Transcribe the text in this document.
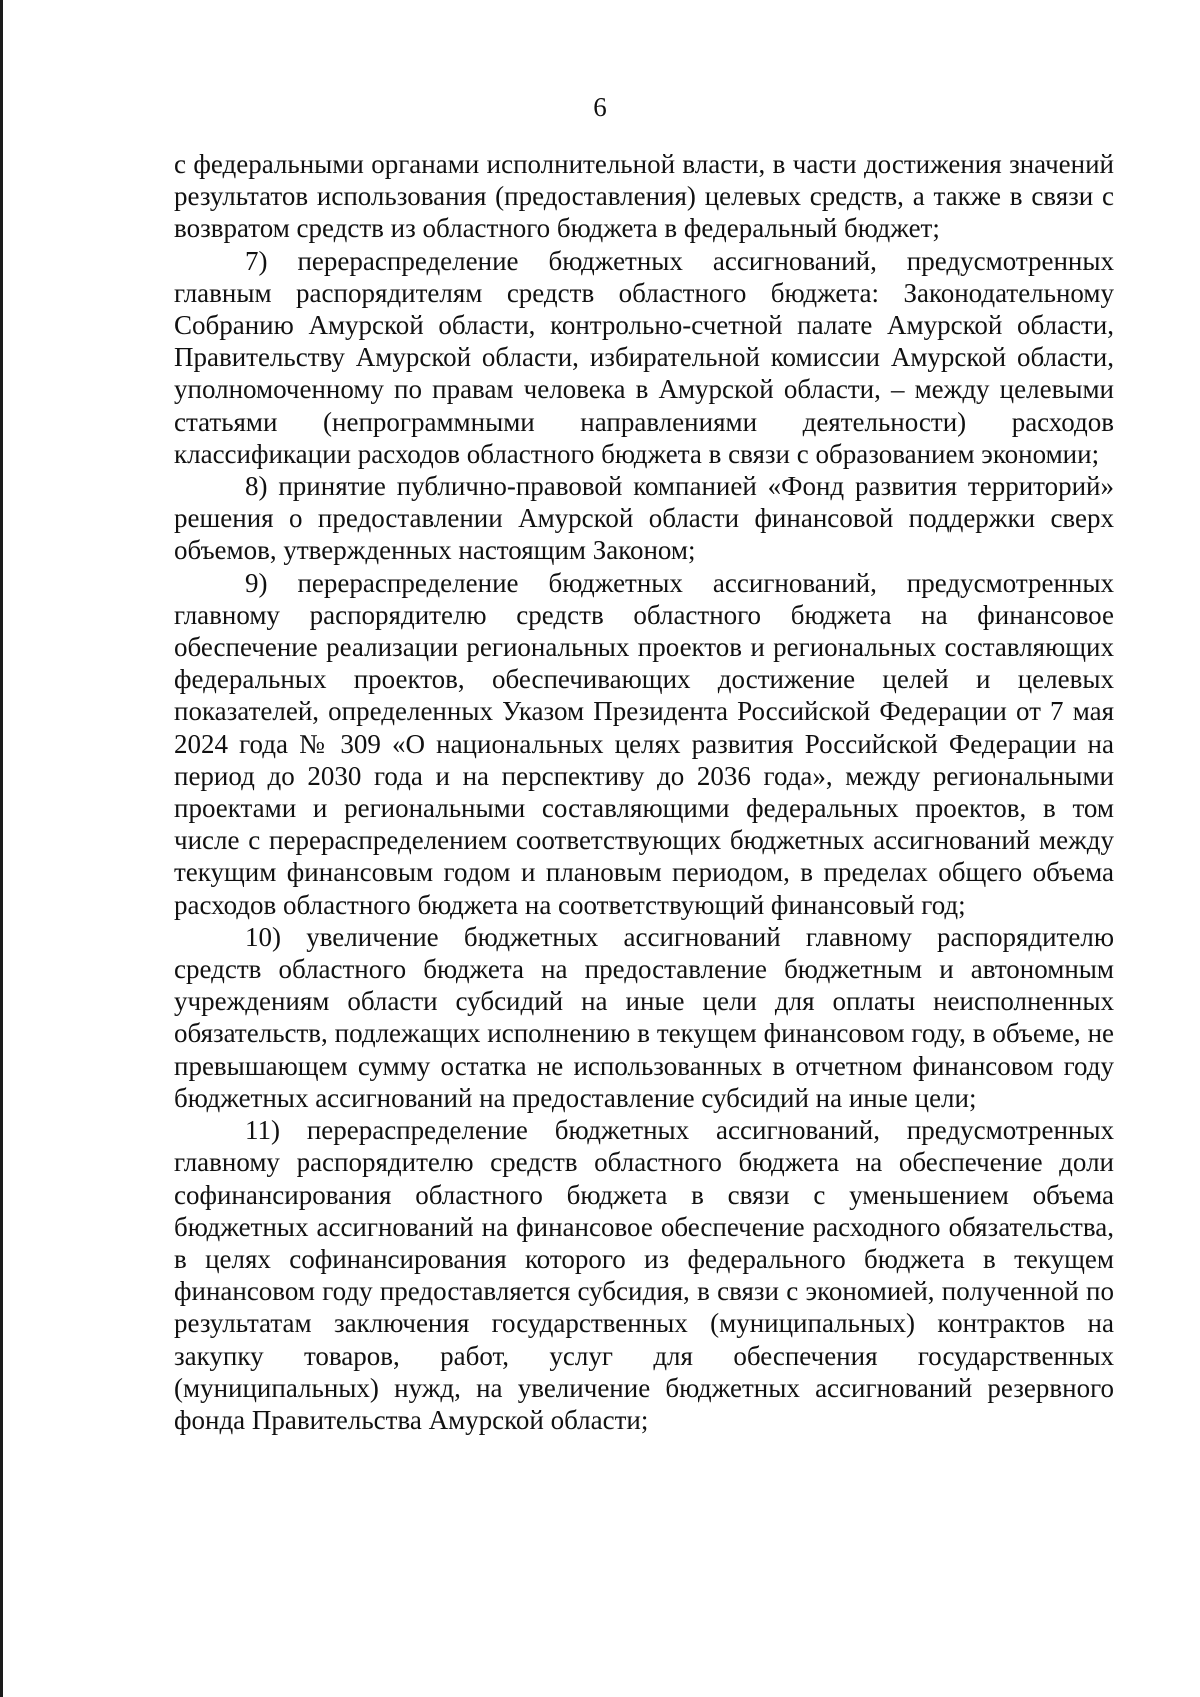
6

с федеральными органами исполнительной власти, в части достижения значений результатов использования (предоставления) целевых средств, а также в связи с возвратом средств из областного бюджета в федеральный бюджет;

7) перераспределение бюджетных ассигнований, предусмотренных главным распорядителям средств областного бюджета: Законодательному Собранию Амурской области, контрольно-счетной палате Амурской области, Правительству Амурской области, избирательной комиссии Амурской области, уполномоченному по правам человека в Амурской области, – между целевыми статьями (непрограммными направлениями деятельности) расходов классификации расходов областного бюджета в связи с образованием экономии;

8) принятие публично-правовой компанией «Фонд развития территорий» решения о предоставлении Амурской области финансовой поддержки сверх объемов, утвержденных настоящим Законом;

9) перераспределение бюджетных ассигнований, предусмотренных главному распорядителю средств областного бюджета на финансовое обеспечение реализации региональных проектов и региональных составляющих федеральных проектов, обеспечивающих достижение целей и целевых показателей, определенных Указом Президента Российской Федерации от 7 мая 2024 года № 309 «О национальных целях развития Российской Федерации на период до 2030 года и на перспективу до 2036 года», между региональными проектами и региональными составляющими федеральных проектов, в том числе с перераспределением соответствующих бюджетных ассигнований между текущим финансовым годом и плановым периодом, в пределах общего объема расходов областного бюджета на соответствующий финансовый год;

10) увеличение бюджетных ассигнований главному распорядителю средств областного бюджета на предоставление бюджетным и автономным учреждениям области субсидий на иные цели для оплаты неисполненных обязательств, подлежащих исполнению в текущем финансовом году, в объеме, не превышающем сумму остатка не использованных в отчетном финансовом году бюджетных ассигнований на предоставление субсидий на иные цели;

11) перераспределение бюджетных ассигнований, предусмотренных главному распорядителю средств областного бюджета на обеспечение доли софинансирования областного бюджета в связи с уменьшением объема бюджетных ассигнований на финансовое обеспечение расходного обязательства, в целях софинансирования которого из федерального бюджета в текущем финансовом году предоставляется субсидия, в связи с экономией, полученной по результатам заключения государственных (муниципальных) контрактов на закупку товаров, работ, услуг для обеспечения государственных (муниципальных) нужд, на увеличение бюджетных ассигнований резервного фонда Правительства Амурской области;
